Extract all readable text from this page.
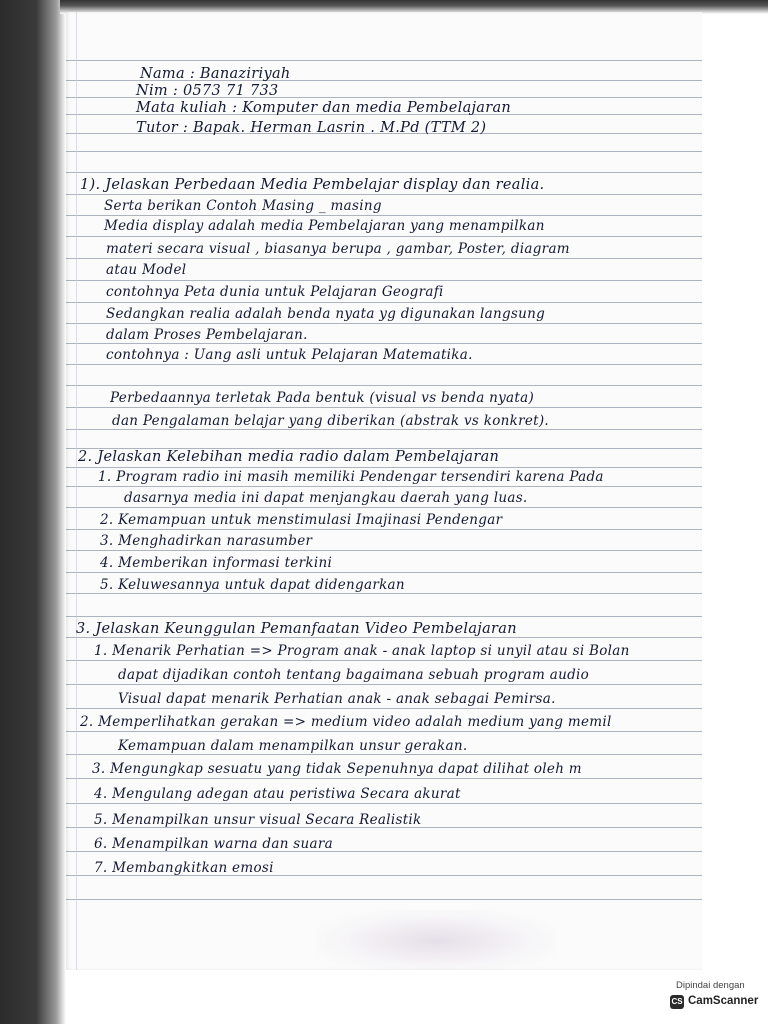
Nama : Banaziriyah
Nim : 0573 71 733
Mata kuliah : Komputer dan media Pembelajaran
Tutor : Bapak. Herman Lasrin . M.Pd (TTM 2)
1). Jelaskan Perbedaan Media Pembelajar display dan realia.
Serta berikan Contoh Masing _ masing
Media display adalah media Pembelajaran yang menampilkan
materi secara visual , biasanya berupa , gambar, Poster, diagram
atau Model
contohnya Peta dunia untuk Pelajaran Geografi
Sedangkan realia adalah benda nyata yg digunakan langsung
dalam Proses Pembelajaran.
contohnya : Uang asli untuk Pelajaran Matematika.
Perbedaannya terletak Pada bentuk (visual vs benda nyata)
dan Pengalaman belajar yang diberikan (abstrak vs konkret).
2. Jelaskan Kelebihan media radio dalam Pembelajaran
1. Program radio ini masih memiliki Pendengar tersendiri karena Pada
dasarnya media ini dapat menjangkau daerah yang luas.
2. Kemampuan untuk menstimulasi Imajinasi Pendengar
3. Menghadirkan narasumber
4. Memberikan informasi terkini
5. Keluwesannya untuk dapat didengarkan
3. Jelaskan Keunggulan Pemanfaatan Video Pembelajaran
1. Menarik Perhatian => Program anak - anak laptop si unyil atau si Bolan
dapat dijadikan contoh tentang bagaimana sebuah program audio
Visual dapat menarik Perhatian anak - anak sebagai Pemirsa.
2. Memperlihatkan gerakan => medium video adalah medium yang memil
Kemampuan dalam menampilkan unsur gerakan.
3. Mengungkap sesuatu yang tidak Sepenuhnya dapat dilihat oleh m
4. Mengulang adegan atau peristiwa Secara akurat
5. Menampilkan unsur visual Secara Realistik
6. Menampilkan warna dan suara
7. Membangkitkan emosi
Dipindai dengan
CS CamScanner
